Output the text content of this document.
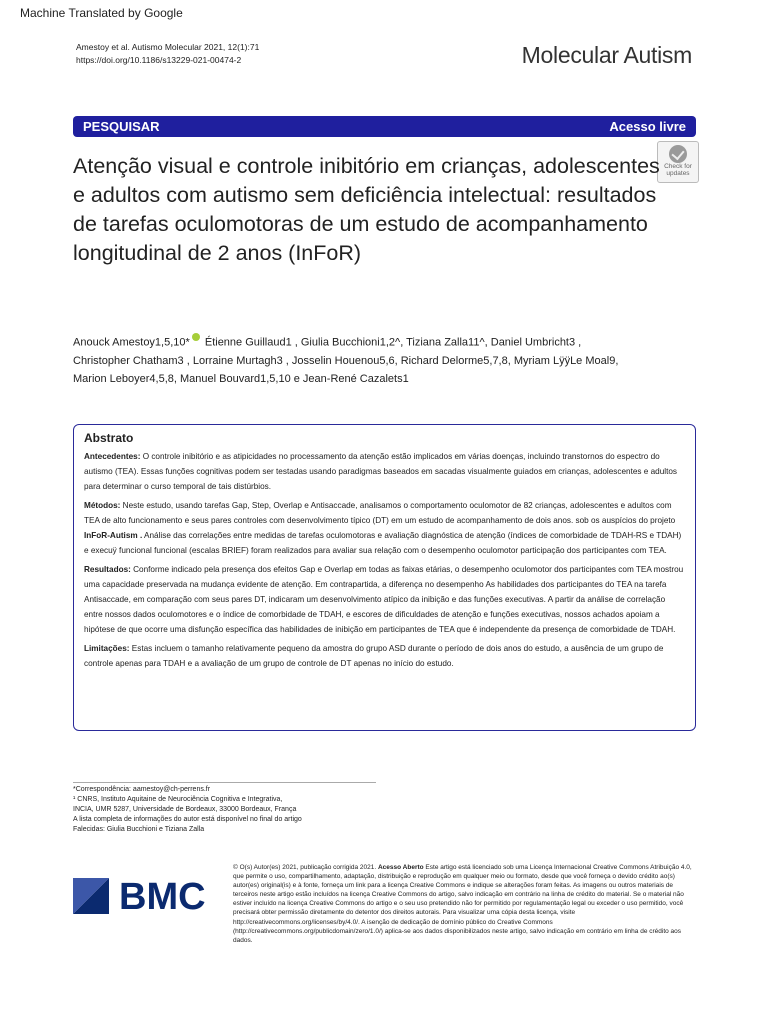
Machine Translated by Google
Amestoy et al. Autismo Molecular 2021, 12(1):71
https://doi.org/10.1186/s13229-021-00474-2	Molecular Autism
PESQUISAR	Acesso livre
Check for
updates
Atenção visual e controle inibitório em crianças, adolescentes e adultos com autismo sem deficiência intelectual: resultados de tarefas oculomotoras de um estudo de acompanhamento longitudinal de 2 anos (InFoR)
Anouck Amestoy1,5,10* Étienne Guillaud1 , Giulia Bucchioni1,2^, Tiziana Zalla11^, Daniel Umbricht3 ,
Christopher Chatham3 , Lorraine Murtagh3 , Josselin Houenou5,6, Richard Delorme5,7,8, Myriam LÿÿLe Moal9,
Marion Leboyer4,5,8, Manuel Bouvard1,5,10 e Jean-René Cazalets1
Abstrato
Antecedentes: O controle inibitório e as atipicidades no processamento da atenção estão implicados em várias doenças, incluindo transtornos do espectro do autismo (TEA). Essas funções cognitivas podem ser testadas usando paradigmas baseados em sacadas visualmente guiados em crianças, adolescentes e adultos para determinar o curso temporal de tais distúrbios.
Métodos: Neste estudo, usando tarefas Gap, Step, Overlap e Antisaccade, analisamos o comportamento oculomotor de 82 crianças, adolescentes e adultos com TEA de alto funcionamento e seus pares controles com desenvolvimento típico (DT) em um estudo de acompanhamento de dois anos. sob os auspícios do projeto InFoR-Autism . Análise das correlações entre medidas de tarefas oculomotoras e avaliação diagnóstica de atenção (índices de comorbidade de TDAH-RS e TDAH) e execuÿ funcional funcional (escalas BRIEF) foram realizados para avaliar sua relação com o desempenho oculomotor participação dos participantes com TEA.
Resultados: Conforme indicado pela presença dos efeitos Gap e Overlap em todas as faixas etárias, o desempenho oculomotor dos participantes com TEA mostrou uma capacidade preservada na mudança evidente de atenção. Em contrapartida, a diferença no desempenho As habilidades dos participantes do TEA na tarefa Antisaccade, em comparação com seus pares DT, indicaram um desenvolvimento atípico da inibição e das funções executivas. A partir da análise de correlação entre nossos dados oculomotores e o índice de comorbidade de TDAH, e escores de dificuldades de atenção e funções executivas, nossos achados apoiam a hipótese de que ocorre uma disfunção específica das habilidades de inibição em participantes de TEA que é independente da presença de comorbidade de TDAH.
Limitações: Estas incluem o tamanho relativamente pequeno da amostra do grupo ASD durante o período de dois anos do estudo, a ausência de um grupo de controle apenas para TDAH e a avaliação de um grupo de controle de DT apenas no início do estudo.
*Correspondência: aamestoy@ch-perrens.fr
¹ CNRS, Instituto Aquitaine de Neurociência Cognitiva e Integrativa,
INCIA, UMR 5287, Universidade de Bordeaux, 33000 Bordeaux, França
A lista completa de informações do autor está disponível no final do artigo
Falecidas: Giulia Bucchioni e Tiziana Zalla
BMC
© O(s) Autor(es) 2021, publicação corrigida 2021. Acesso Aberto Este artigo está licenciado sob uma Licença Internacional Creative Commons Atribuição 4.0, que permite o uso, compartilhamento, adaptação, distribuição e reprodução em qualquer meio ou formato, desde que você forneça o devido crédito ao(s) autor(es) original(is) e à fonte, forneça um link para a licença Creative Commons e indique se alterações foram feitas. As imagens ou outros materiais de terceiros neste artigo estão incluídos na licença Creative Commons do artigo, salvo indicação em contrário na linha de crédito do material. Se o material não estiver incluído na licença Creative Commons do artigo e o seu uso pretendido não for permitido por regulamentação legal ou exceder o uso permitido, você precisará obter permissão diretamente do detentor dos direitos autorais. Para visualizar uma cópia desta licença, visite http://creativecommons.org/licenses/by/4.0/. A isenção de dedicação de domínio público do Creative Commons (http://creativecommons.org/publicdomain/zero/1.0/) aplica-se aos dados disponibilizados neste artigo, salvo indicação em contrário em linha de crédito aos dados.
